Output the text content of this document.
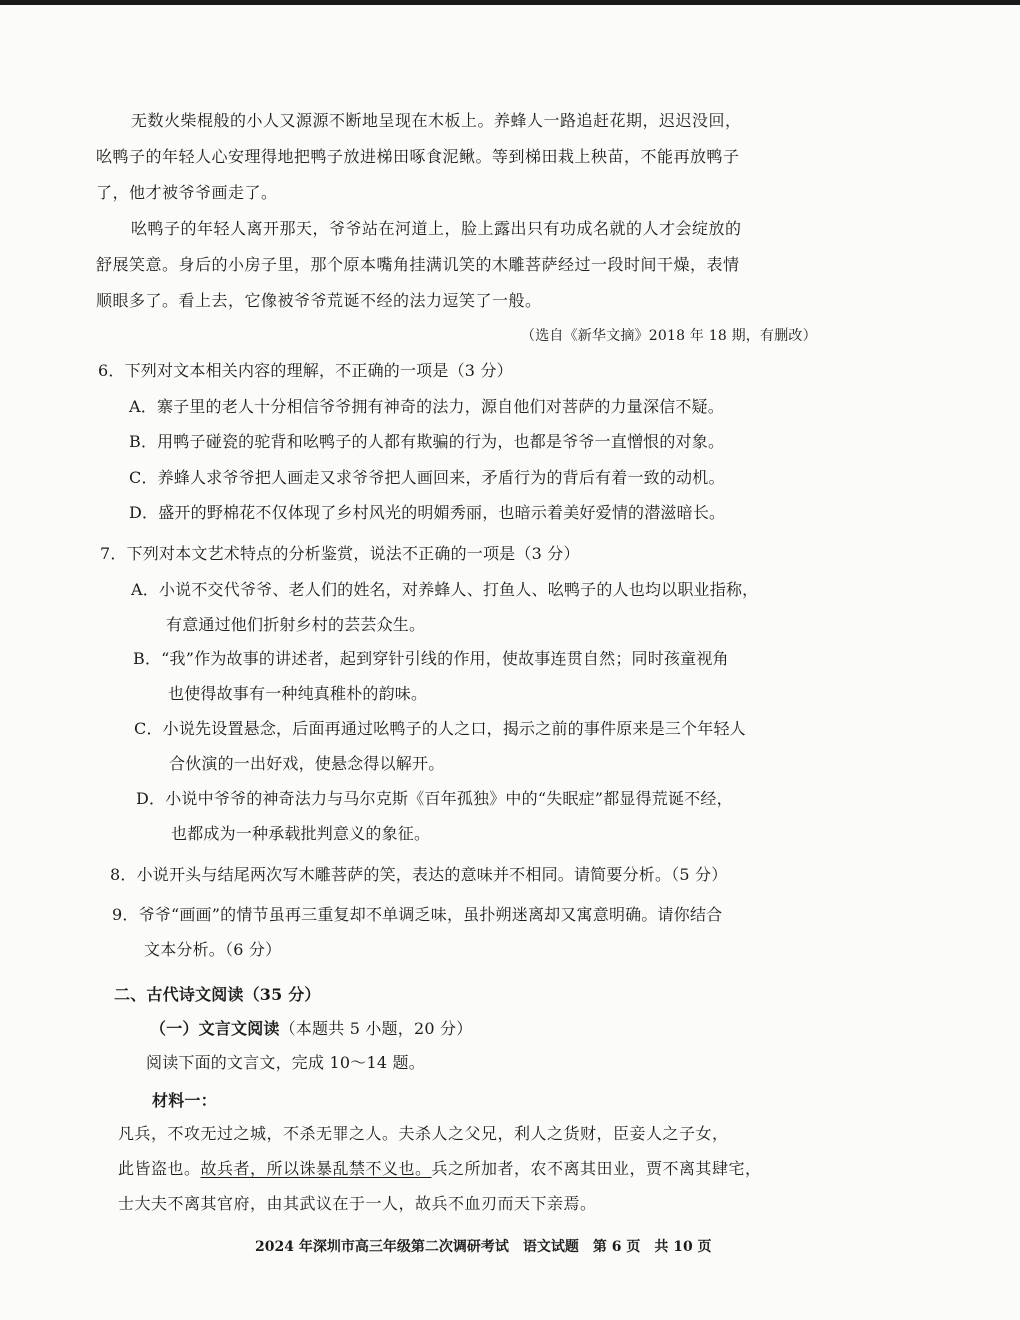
无数火柴棍般的小人又源源不断地呈现在木板上。养蜂人一路追赶花期，迟迟没回，
吆鸭子的年轻人心安理得地把鸭子放进梯田啄食泥鳅。等到梯田栽上秧苗，不能再放鸭子
了，他才被爷爷画走了。
吆鸭子的年轻人离开那天，爷爷站在河道上，脸上露出只有功成名就的人才会绽放的
舒展笑意。身后的小房子里，那个原本嘴角挂满讥笑的木雕菩萨经过一段时间干燥，表情
顺眼多了。看上去，它像被爷爷荒诞不经的法力逗笑了一般。
（选自《新华文摘》2018 年 18 期，有删改）
6．下列对文本相关内容的理解，不正确的一项是（3 分）
A．寨子里的老人十分相信爷爷拥有神奇的法力，源自他们对菩萨的力量深信不疑。
B．用鸭子碰瓷的驼背和吆鸭子的人都有欺骗的行为，也都是爷爷一直憎恨的对象。
C．养蜂人求爷爷把人画走又求爷爷把人画回来，矛盾行为的背后有着一致的动机。
D．盛开的野棉花不仅体现了乡村风光的明媚秀丽，也暗示着美好爱情的潜滋暗长。
7．下列对本文艺术特点的分析鉴赏，说法不正确的一项是（3 分）
A．小说不交代爷爷、老人们的姓名，对养蜂人、打鱼人、吆鸭子的人也均以职业指称，
有意通过他们折射乡村的芸芸众生。
B．“我”作为故事的讲述者，起到穿针引线的作用，使故事连贯自然；同时孩童视角
也使得故事有一种纯真稚朴的韵味。
C．小说先设置悬念，后面再通过吆鸭子的人之口，揭示之前的事件原来是三个年轻人
合伙演的一出好戏，使悬念得以解开。
D．小说中爷爷的神奇法力与马尔克斯《百年孤独》中的“失眠症”都显得荒诞不经，
也都成为一种承载批判意义的象征。
8．小说开头与结尾两次写木雕菩萨的笑，表达的意味并不相同。请简要分析。（5 分）
9．爷爷“画画”的情节虽再三重复却不单调乏味，虽扑朔迷离却又寓意明确。请你结合
文本分析。（6 分）
二、古代诗文阅读（35 分）
（一）文言文阅读（本题共 5 小题，20 分）
阅读下面的文言文，完成 10～14 题。
材料一：
凡兵，不攻无过之城，不杀无罪之人。夫杀人之父兄，利人之货财，臣妾人之子女，
此皆盗也。故兵者，所以诛暴乱禁不义也。兵之所加者，农不离其田业，贾不离其肆宅，
士大夫不离其官府，由其武议在于一人，故兵不血刃而天下亲焉。
2024 年深圳市高三年级第二次调研考试　语文试题　第 6 页　共 10 页
